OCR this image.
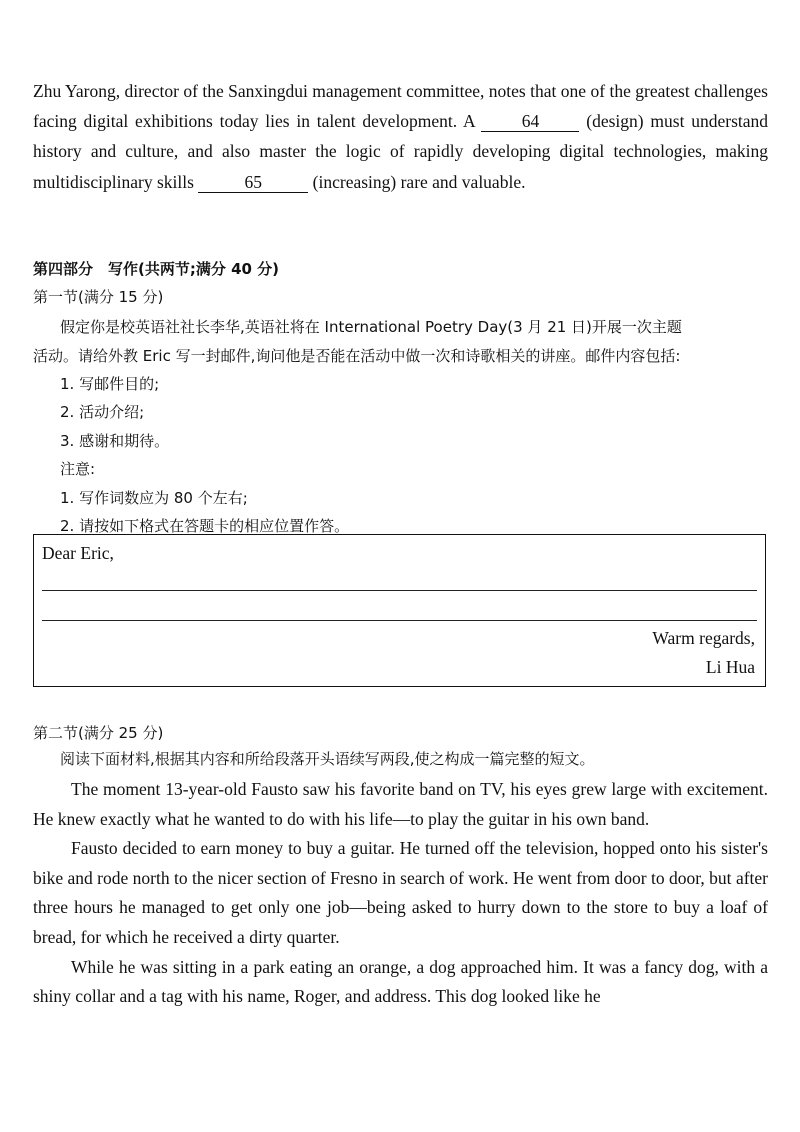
Zhu Yarong, director of the Sanxingdui management committee, notes that one of the greatest challenges facing digital exhibitions today lies in talent development. A	64	(design) must understand history and culture, and also master the logic of rapidly developing digital technologies, making multidisciplinary skills	65	(increasing) rare and valuable.
第四部分　写作(共两节;满分 40 分)
第一节(满分 15 分)
假定你是校英语社社长李华,英语社将在 International Poetry Day(3 月 21 日)开展一次主题
活动。请给外教 Eric 写一封邮件,询问他是否能在活动中做一次和诗歌相关的讲座。邮件内容包括:
1. 写邮件目的;
2. 活动介绍;
3. 感谢和期待。
注意:
1. 写作词数应为 80 个左右;
2. 请按如下格式在答题卡的相应位置作答。
Dear Eric,
Warm regards,
Li Hua
第二节(满分 25 分)
阅读下面材料,根据其内容和所给段落开头语续写两段,使之构成一篇完整的短文。

The moment 13-year-old Fausto saw his favorite band on TV, his eyes grew large with excitement. He knew exactly what he wanted to do with his life—to play the guitar in his own band.

Fausto decided to earn money to buy a guitar. He turned off the television, hopped onto his sister's bike and rode north to the nicer section of Fresno in search of work. He went from door to door, but after three hours he managed to get only one job—being asked to hurry down to the store to buy a loaf of bread, for which he received a dirty quarter.

While he was sitting in a park eating an orange, a dog approached him. It was a fancy dog, with a shiny collar and a tag with his name, Roger, and address. This dog looked like he
